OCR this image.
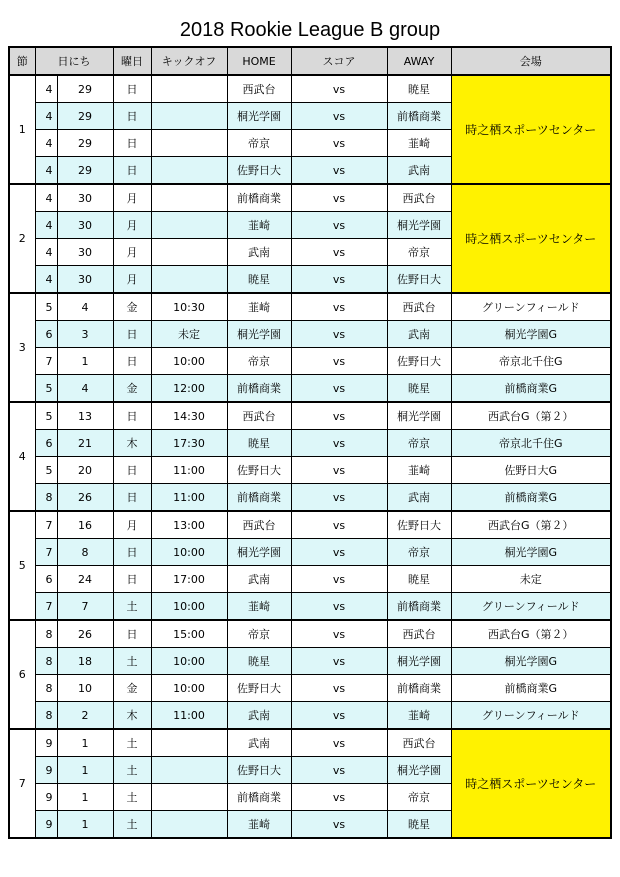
2018 Rookie League B group
節	日にち		曜日	キックオフ	HOME	スコア	AWAY	会場
1	4	29	日		西武台	vs	暁星	時之栖スポーツセンター
	4	29	日		桐光学園	vs	前橋商業	
	4	29	日		帝京	vs	韮崎	
	4	29	日		佐野日大	vs	武南	
2	4	30	月		前橋商業	vs	西武台	時之栖スポーツセンター
	4	30	月		韮崎	vs	桐光学園	
	4	30	月		武南	vs	帝京	
	4	30	月		暁星	vs	佐野日大	
3	5	4	金	10:30	韮崎	vs	西武台	グリーンフィールド
	6	3	日	未定	桐光学園	vs	武南	桐光学園G
	7	1	日	10:00	帝京	vs	佐野日大	帝京北千住G
	5	4	金	12:00	前橋商業	vs	暁星	前橋商業G
4	5	13	日	14:30	西武台	vs	桐光学園	西武台G（第２）
	6	21	木	17:30	暁星	vs	帝京	帝京北千住G
	5	20	日	11:00	佐野日大	vs	韮崎	佐野日大G
	8	26	日	11:00	前橋商業	vs	武南	前橋商業G
5	7	16	月	13:00	西武台	vs	佐野日大	西武台G（第２）
	7	8	日	10:00	桐光学園	vs	帝京	桐光学園G
	6	24	日	17:00	武南	vs	暁星	未定
	7	7	土	10:00	韮崎	vs	前橋商業	グリーンフィールド
6	8	26	日	15:00	帝京	vs	西武台	西武台G（第２）
	8	18	土	10:00	暁星	vs	桐光学園	桐光学園G
	8	10	金	10:00	佐野日大	vs	前橋商業	前橋商業G
	8	2	木	11:00	武南	vs	韮崎	グリーンフィールド
7	9	1	土		武南	vs	西武台	時之栖スポーツセンター
	9	1	土		佐野日大	vs	桐光学園	
	9	1	土		前橋商業	vs	帝京	
	9	1	土		韮崎	vs	暁星	
